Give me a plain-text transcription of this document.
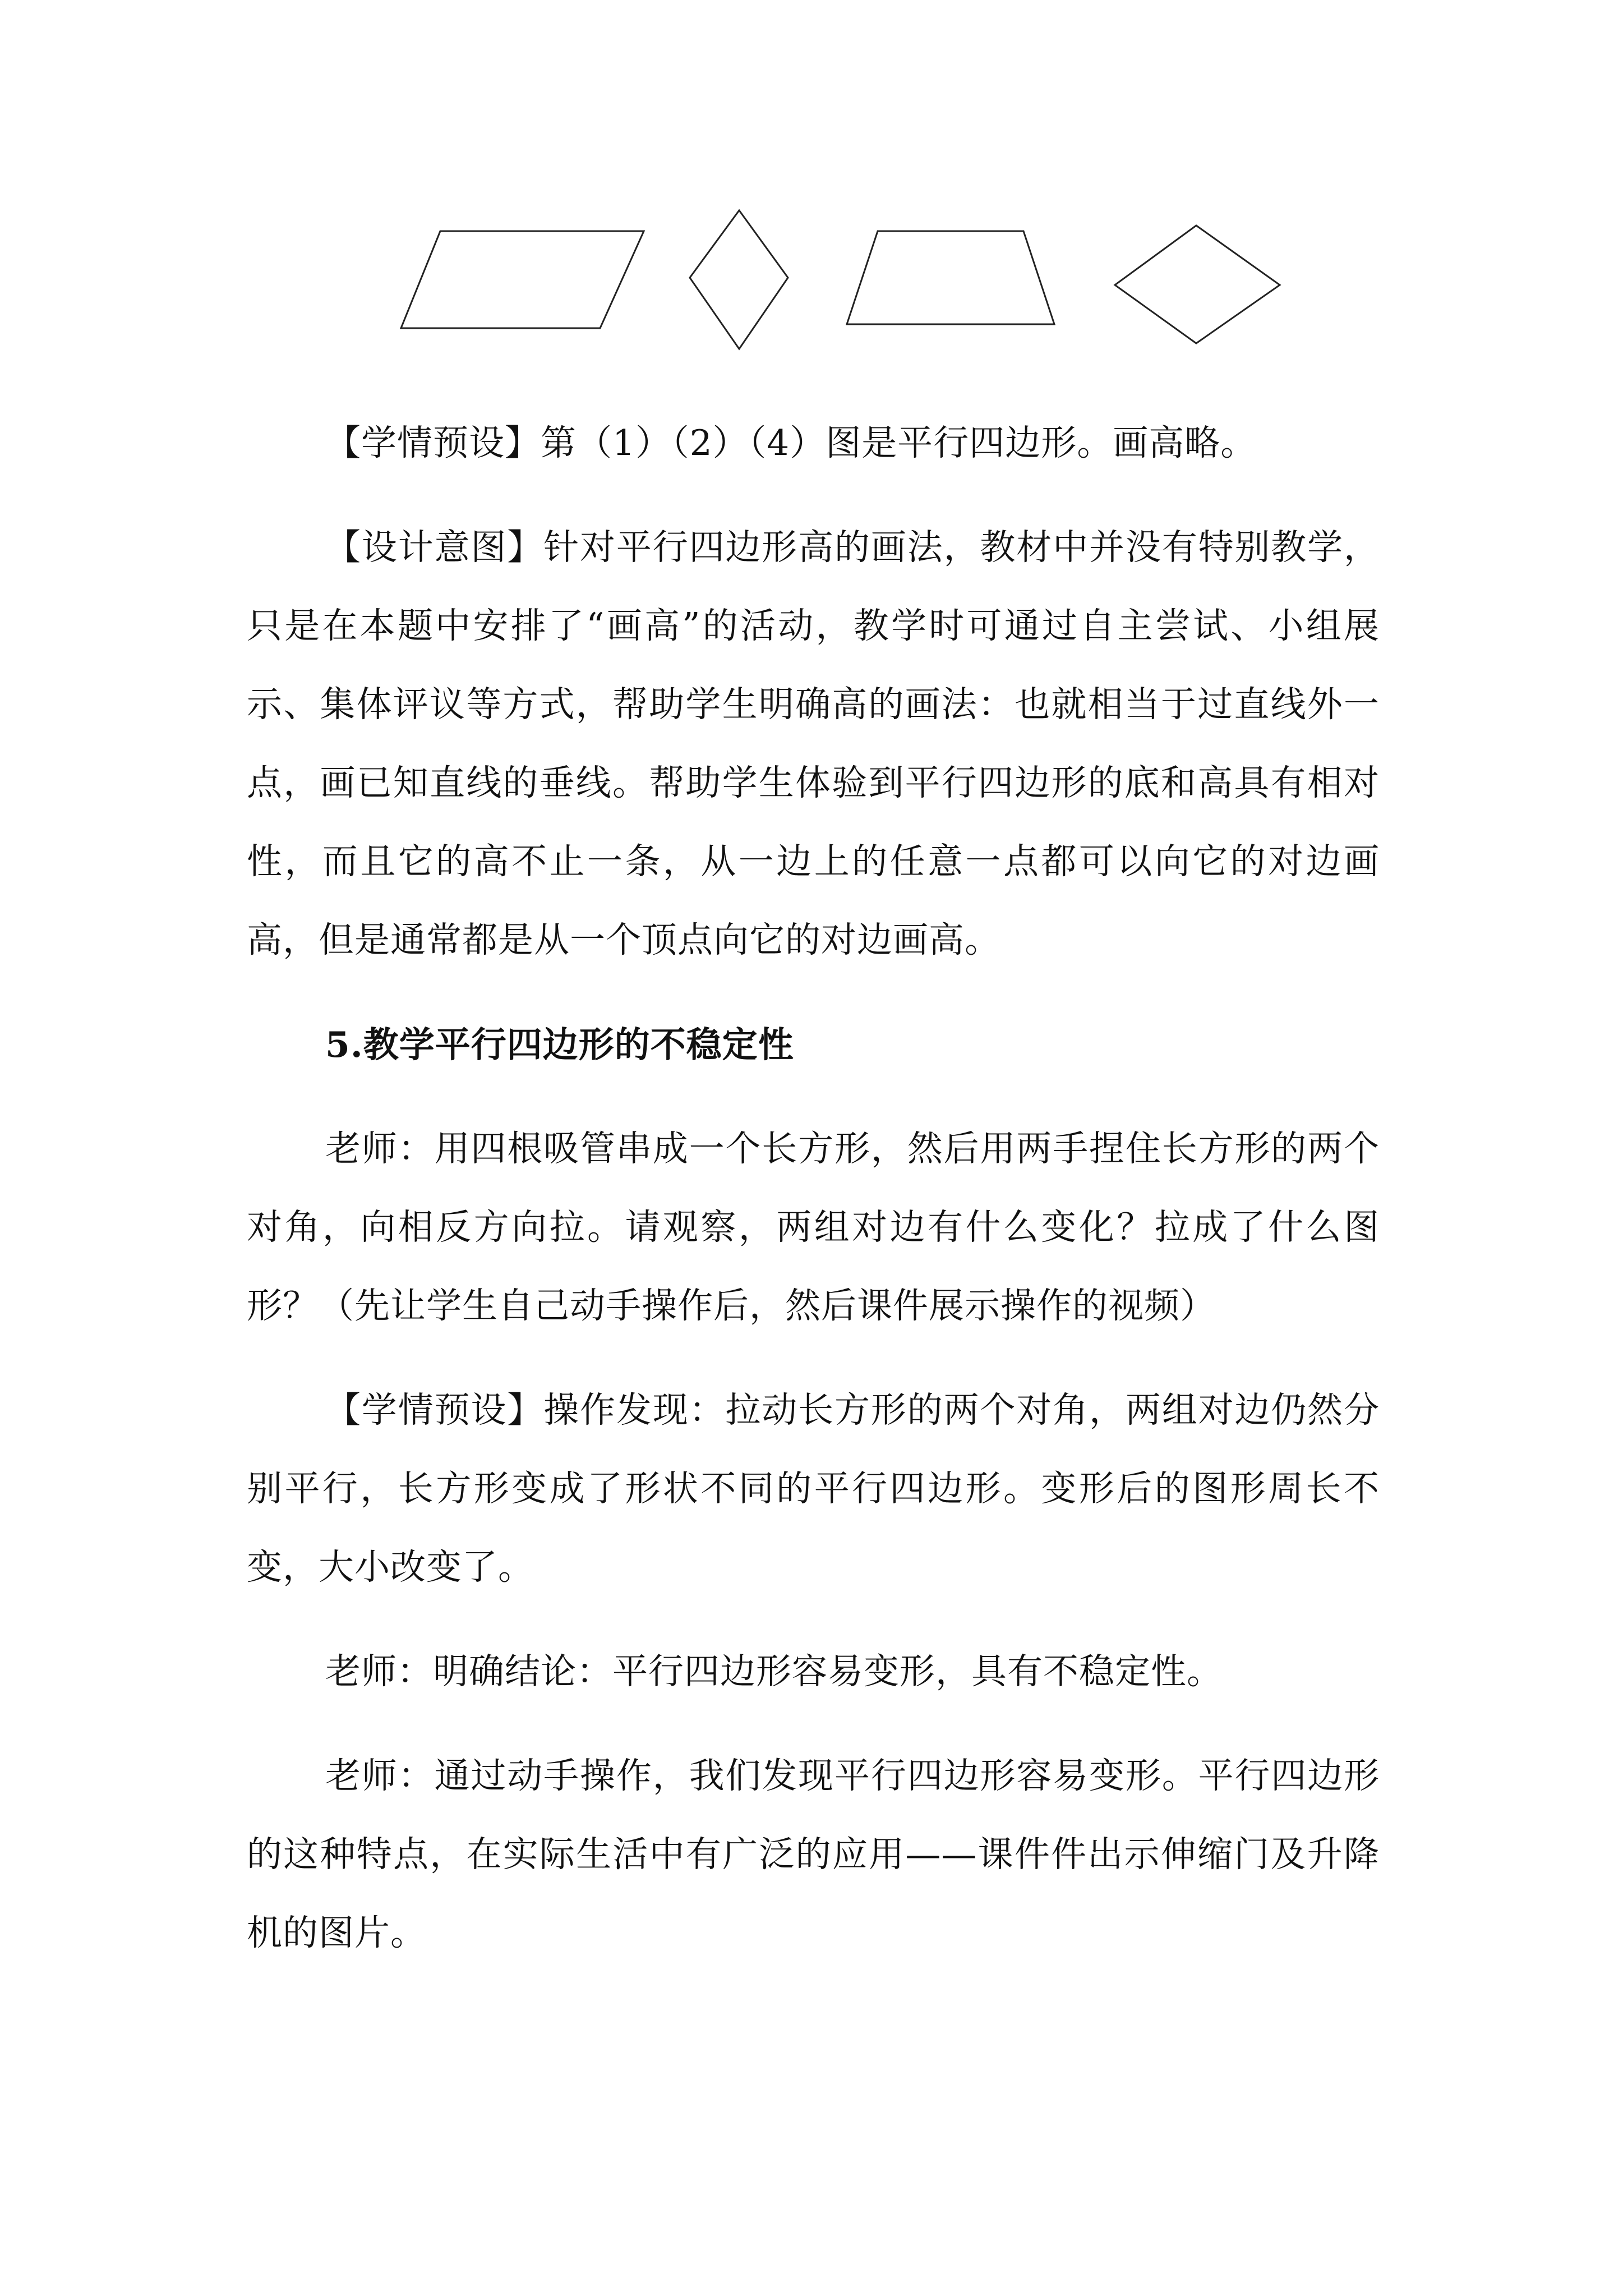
【学情预设】第（1）（2）（4）图是平行四边形。画高略。

【设计意图】针对平行四边形高的画法，教材中并没有特别教学，只是在本题中安排了“画高”的活动，教学时可通过自主尝试、小组展示、集体评议等方式，帮助学生明确高的画法：也就相当于过直线外一点，画已知直线的垂线。帮助学生体验到平行四边形的底和高具有相对性，而且它的高不止一条，从一边上的任意一点都可以向它的对边画高，但是通常都是从一个顶点向它的对边画高。

5.教学平行四边形的不稳定性

老师：用四根吸管串成一个长方形，然后用两手捏住长方形的两个对角，向相反方向拉。请观察，两组对边有什么变化？拉成了什么图形？（先让学生自己动手操作后，然后课件展示操作的视频）

【学情预设】操作发现：拉动长方形的两个对角，两组对边仍然分别平行，长方形变成了形状不同的平行四边形。变形后的图形周长不变，大小改变了。

老师：明确结论：平行四边形容易变形，具有不稳定性。

老师：通过动手操作，我们发现平行四边形容易变形。平行四边形的这种特点，在实际生活中有广泛的应用——课件件出示伸缩门及升降机的图片。
